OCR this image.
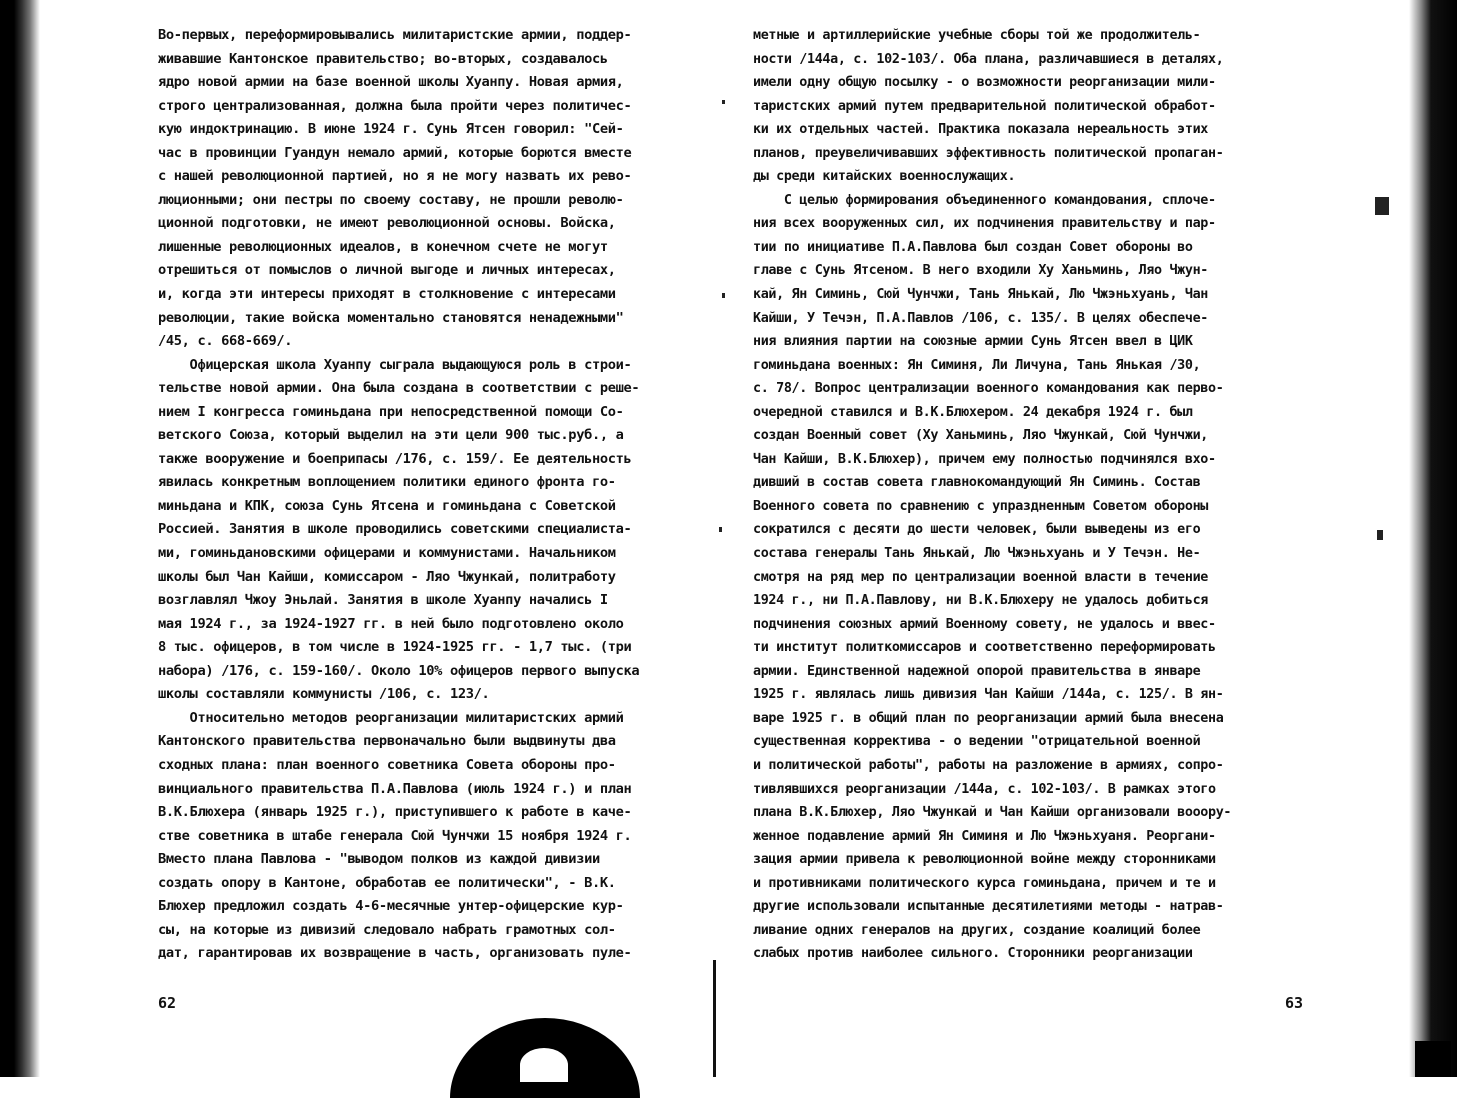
Во-первых, переформировывались милитаристские армии, поддер-
живавшие Кантонское правительство; во-вторых, создавалось
ядро новой армии на базе военной школы Хуанпу. Новая армия,
строго централизованная, должна была пройти через политичес-
кую индоктринацию. В июне 1924 г. Сунь Ятсен говорил: "Сей-
час в провинции Гуандун немало армий, которые борются вместе
с нашей революционной партией, но я не могу назвать их рево-
люционными; они пестры по своему составу, не прошли револю-
ционной подготовки, не имеют революционной основы. Войска,
лишенные революционных идеалов, в конечном счете не могут
отрешиться от помыслов о личной выгоде и личных интересах,
и, когда эти интересы приходят в столкновение с интересами
революции, такие войска моментально становятся ненадежными"
/45, с. 668-669/.
Офицерская школа Хуанпу сыграла выдающуюся роль в строи-
тельстве новой армии. Она была создана в соответствии с реше-
нием I конгресса гоминьдана при непосредственной помощи Со-
ветского Союза, который выделил на эти цели 900 тыс.руб., а
также вооружение и боеприпасы /176, с. 159/. Ее деятельность
явилась конкретным воплощением политики единого фронта го-
миньдана и КПК, союза Сунь Ятсена и гоминьдана с Советской
Россией. Занятия в школе проводились советскими специалиста-
ми, гоминьдановскими офицерами и коммунистами. Начальником
школы был Чан Кайши, комиссаром - Ляо Чжункай, политработу
возглавлял Чжоу Эньлай. Занятия в школе Хуанпу начались I
мая 1924 г., за 1924-1927 гг. в ней было подготовлено около
8 тыс. офицеров, в том числе в 1924-1925 гг. - 1,7 тыс. (три
набора) /176, с. 159-160/. Около 10% офицеров первого выпуска
школы составляли коммунисты /106, с. 123/.
Относительно методов реорганизации милитаристских армий
Кантонского правительства первоначально были выдвинуты два
сходных плана: план военного советника Совета обороны про-
винциального правительства П.А.Павлова (июль 1924 г.) и план
В.К.Блюхера (январь 1925 г.), приступившего к работе в каче-
стве советника в штабе генерала Сюй Чунчжи 15 ноября 1924 г.
Вместо плана Павлова - "выводом полков из каждой дивизии
создать опору в Кантоне, обработав ее политически", - В.К.
Блюхер предложил создать 4-6-месячные унтер-офицерские кур-
сы, на которые из дивизий следовало набрать грамотных сол-
дат, гарантировав их возвращение в часть, организовать пуле-
метные и артиллерийские учебные сборы той же продолжитель-
ности /144а, с. 102-103/. Оба плана, различавшиеся в деталях,
имели одну общую посылку - о возможности реорганизации мили-
таристских армий путем предварительной политической обработ-
ки их отдельных частей. Практика показала нереальность этих
планов, преувеличивавших эффективность политической пропаган-
ды среди китайских военнослужащих.
С целью формирования объединенного командования, сплоче-
ния всех вооруженных сил, их подчинения правительству и пар-
тии по инициативе П.А.Павлова был создан Совет обороны во
главе с Сунь Ятсеном. В него входили Ху Ханьминь, Ляо Чжун-
кай, Ян Симинь, Сюй Чунчжи, Тань Янькай, Лю Чжэньхуань, Чан
Кайши, У Течэн, П.А.Павлов /106, с. 135/. В целях обеспече-
ния влияния партии на союзные армии Сунь Ятсен ввел в ЦИК
гоминьдана военных: Ян Симиня, Ли Личуна, Тань Янькая /30,
с. 78/. Вопрос централизации военного командования как перво-
очередной ставился и В.К.Блюхером. 24 декабря 1924 г. был
создан Военный совет (Ху Ханьминь, Ляо Чжункай, Сюй Чунчжи,
Чан Кайши, В.К.Блюхер), причем ему полностью подчинялся вхо-
дивший в состав совета главнокомандующий Ян Симинь. Состав
Военного совета по сравнению с упраздненным Советом обороны
сократился с десяти до шести человек, были выведены из его
состава генералы Тань Янькай, Лю Чжэньхуань и У Течэн. Не-
смотря на ряд мер по централизации военной власти в течение
1924 г., ни П.А.Павлову, ни В.К.Блюхеру не удалось добиться
подчинения союзных армий Военному совету, не удалось и ввес-
ти институт политкомиссаров и соответственно переформировать
армии. Единственной надежной опорой правительства в январе
1925 г. являлась лишь дивизия Чан Кайши /144а, с. 125/. В ян-
варе 1925 г. в общий план по реорганизации армий была внесена
существенная корректива - о ведении "отрицательной военной
и политической работы", работы на разложение в армиях, сопро-
тивлявшихся реорганизации /144а, с. 102-103/. В рамках этого
плана В.К.Блюхер, Ляо Чжункай и Чан Кайши организовали вооору-
женное подавление армий Ян Симиня и Лю Чжэньхуаня. Реоргани-
зация армии привела к революционной войне между сторонниками
и противниками политического курса гоминьдана, причем и те и
другие использовали испытанные десятилетиями методы - натрав-
ливание одних генералов на других, создание коалиций более
слабых против наиболее сильного. Сторонники реорганизации
62	63
